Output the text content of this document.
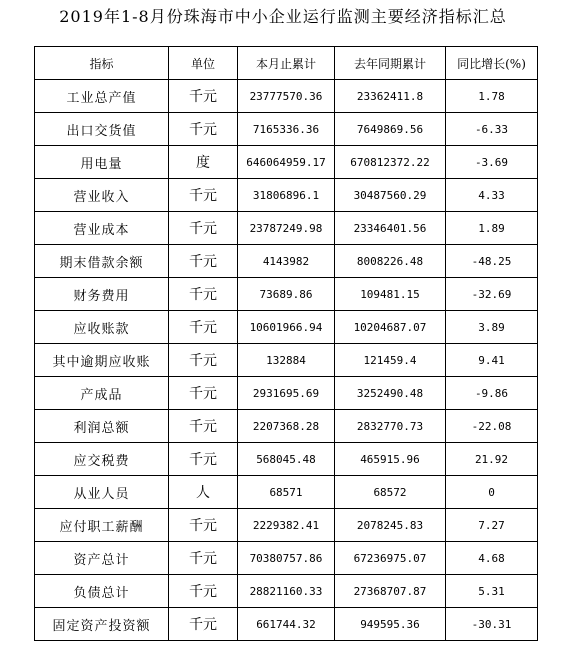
2019年1-8月份珠海市中小企业运行监测主要经济指标汇总
指标	单位	本月止累计	去年同期累计	同比增长(%)
工业总产值	千元	23777570.36	23362411.8	1.78
出口交货值	千元	7165336.36	7649869.56	-6.33
用电量	度	646064959.17	670812372.22	-3.69
营业收入	千元	31806896.1	30487560.29	4.33
营业成本	千元	23787249.98	23346401.56	1.89
期末借款余额	千元	4143982	8008226.48	-48.25
财务费用	千元	73689.86	109481.15	-32.69
应收账款	千元	10601966.94	10204687.07	3.89
其中逾期应收账	千元	132884	121459.4	9.41
产成品	千元	2931695.69	3252490.48	-9.86
利润总额	千元	2207368.28	2832770.73	-22.08
应交税费	千元	568045.48	465915.96	21.92
从业人员	人	68571	68572	0
应付职工薪酬	千元	2229382.41	2078245.83	7.27
资产总计	千元	70380757.86	67236975.07	4.68
负债总计	千元	28821160.33	27368707.87	5.31
固定资产投资额	千元	661744.32	949595.36	-30.31
